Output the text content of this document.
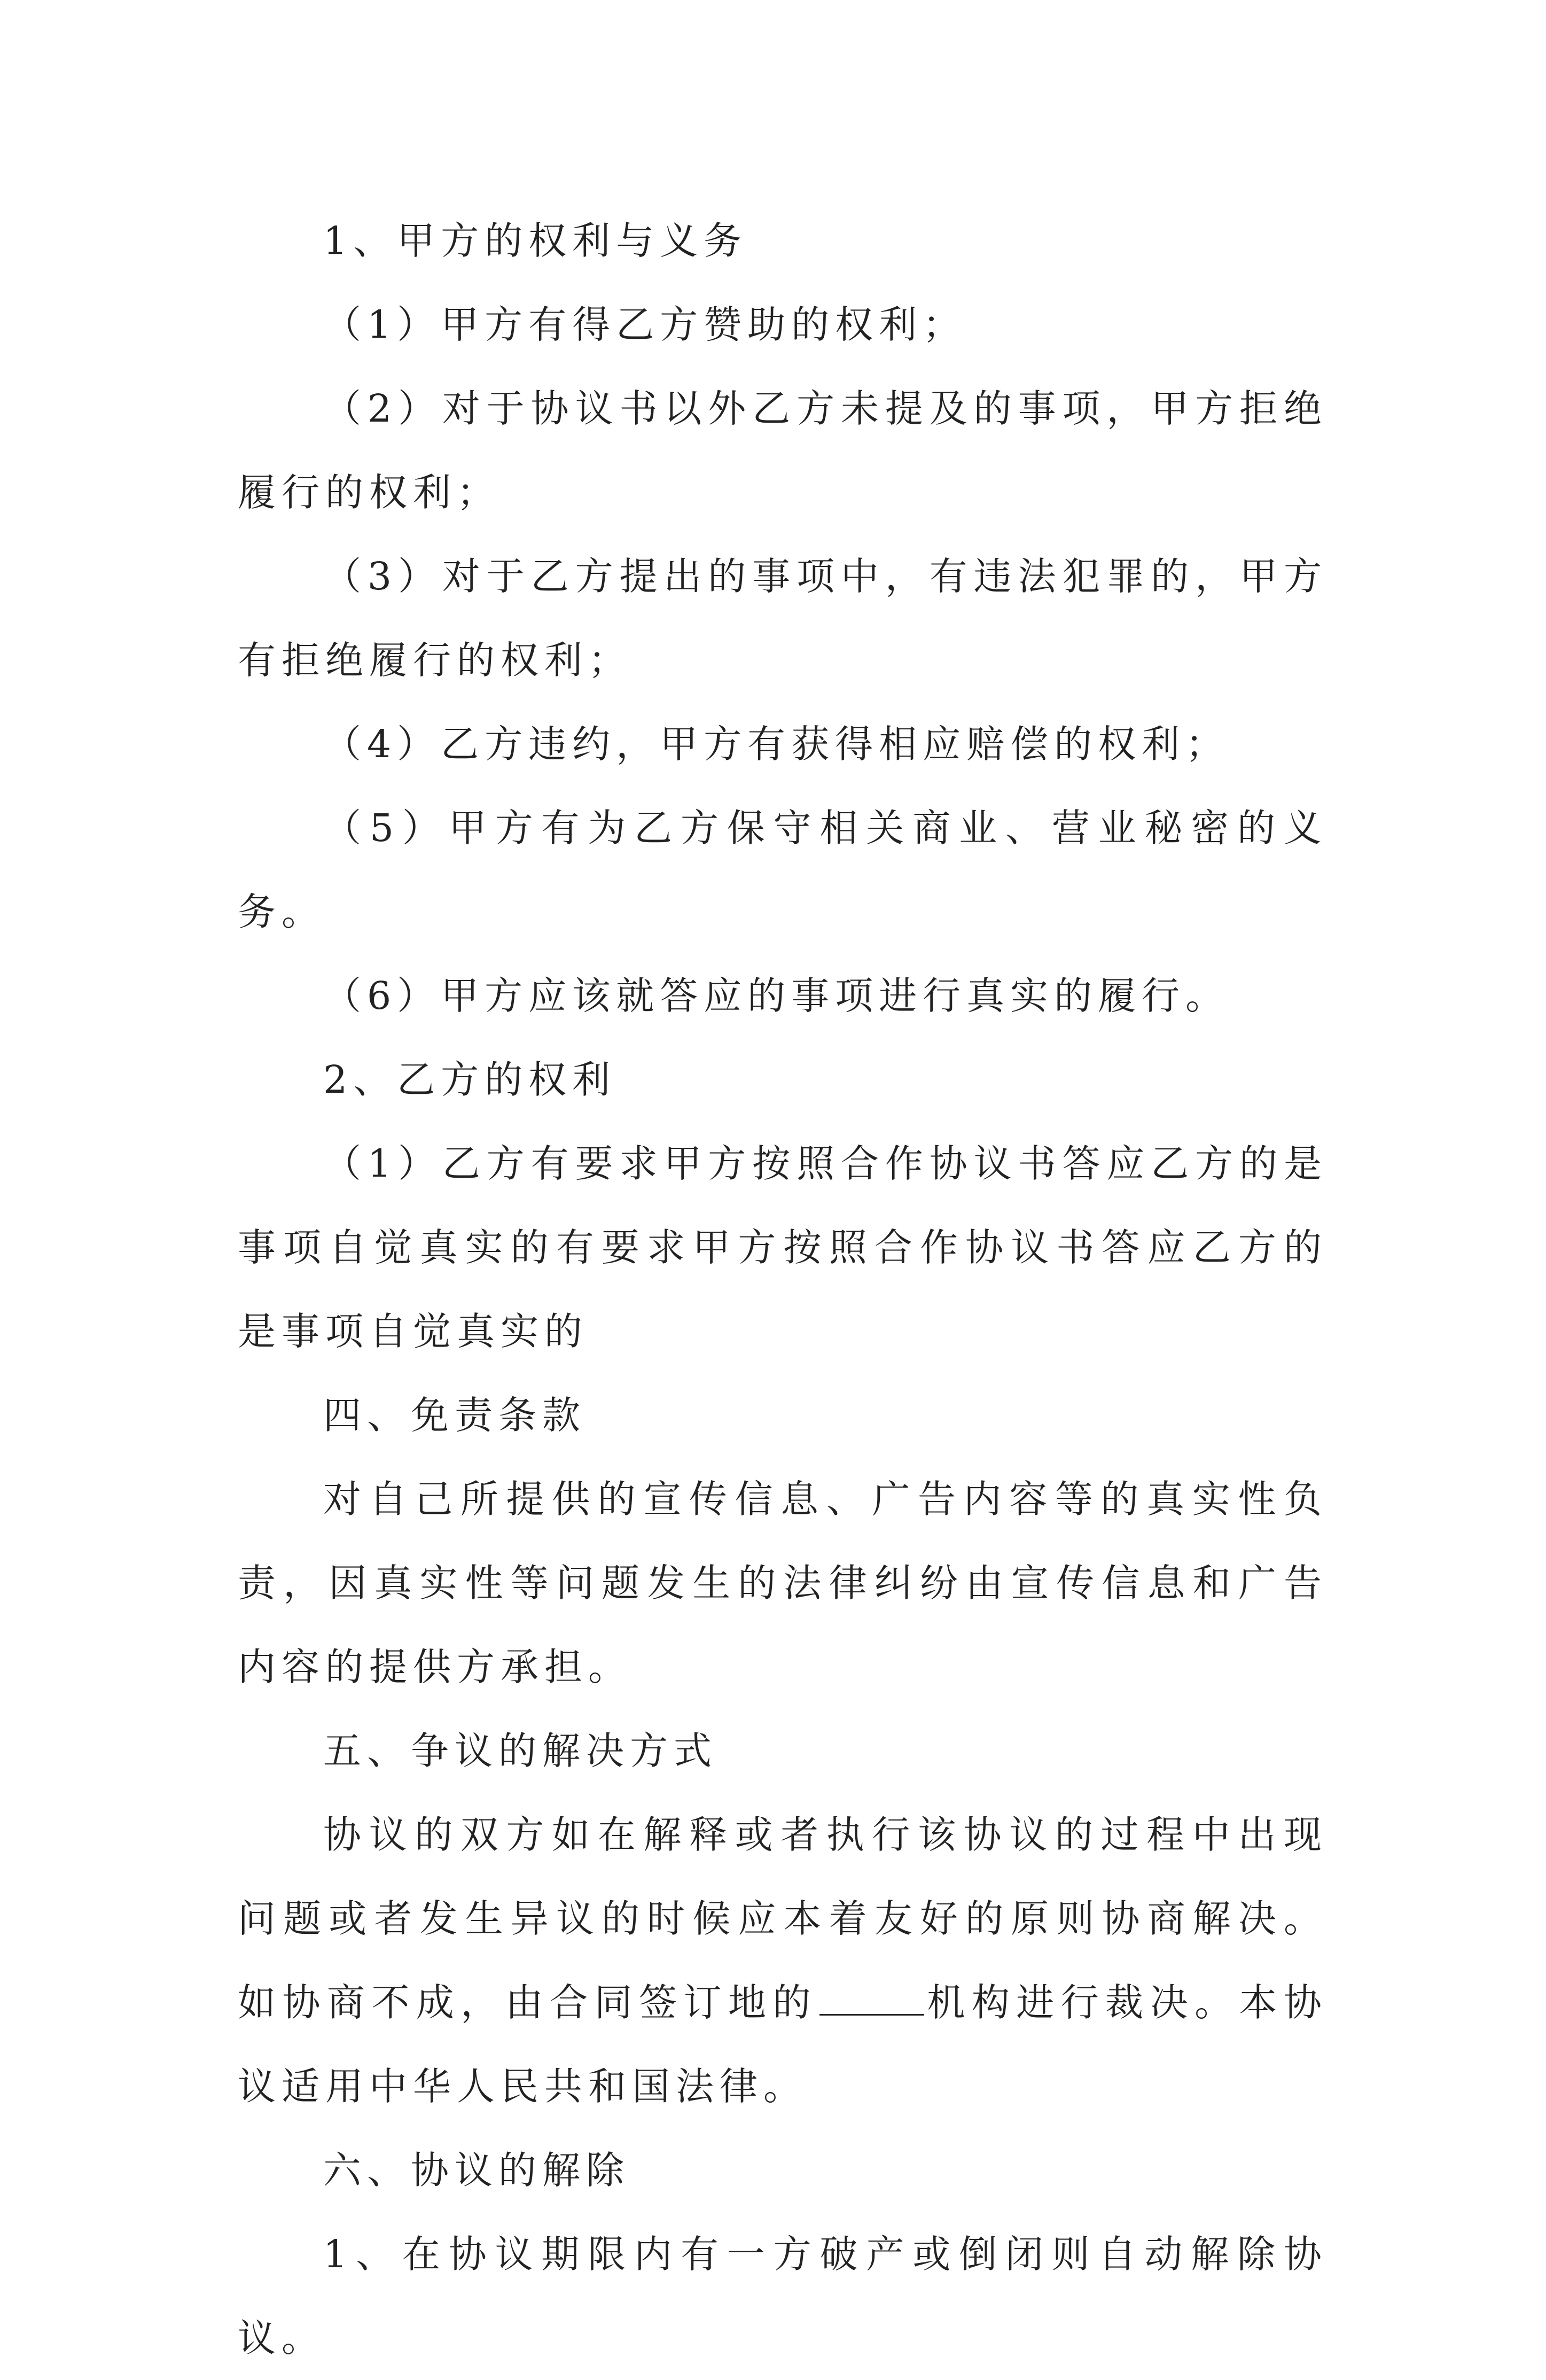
1、甲方的权利与义务

（1）甲方有得乙方赞助的权利；

（2）对于协议书以外乙方未提及的事项，甲方拒绝履行的权利；

（3）对于乙方提出的事项中，有违法犯罪的，甲方有拒绝履行的权利；

（4）乙方违约，甲方有获得相应赔偿的权利；

（5）甲方有为乙方保守相关商业、营业秘密的义务。

（6）甲方应该就答应的事项进行真实的履行。

2、乙方的权利

（1）乙方有要求甲方按照合作协议书答应乙方的是事项自觉真实的有要求甲方按照合作协议书答应乙方的是事项自觉真实的

四、免责条款

对自己所提供的宣传信息、广告内容等的真实性负责，因真实性等问题发生的法律纠纷由宣传信息和广告内容的提供方承担。

五、争议的解决方式

协议的双方如在解释或者执行该协议的过程中出现问题或者发生异议的时候应本着友好的原则协商解决。如协商不成，由合同签订地的	机构进行裁决。本协议适用中华人民共和国法律。

六、协议的解除

1、在协议期限内有一方破产或倒闭则自动解除协议。
